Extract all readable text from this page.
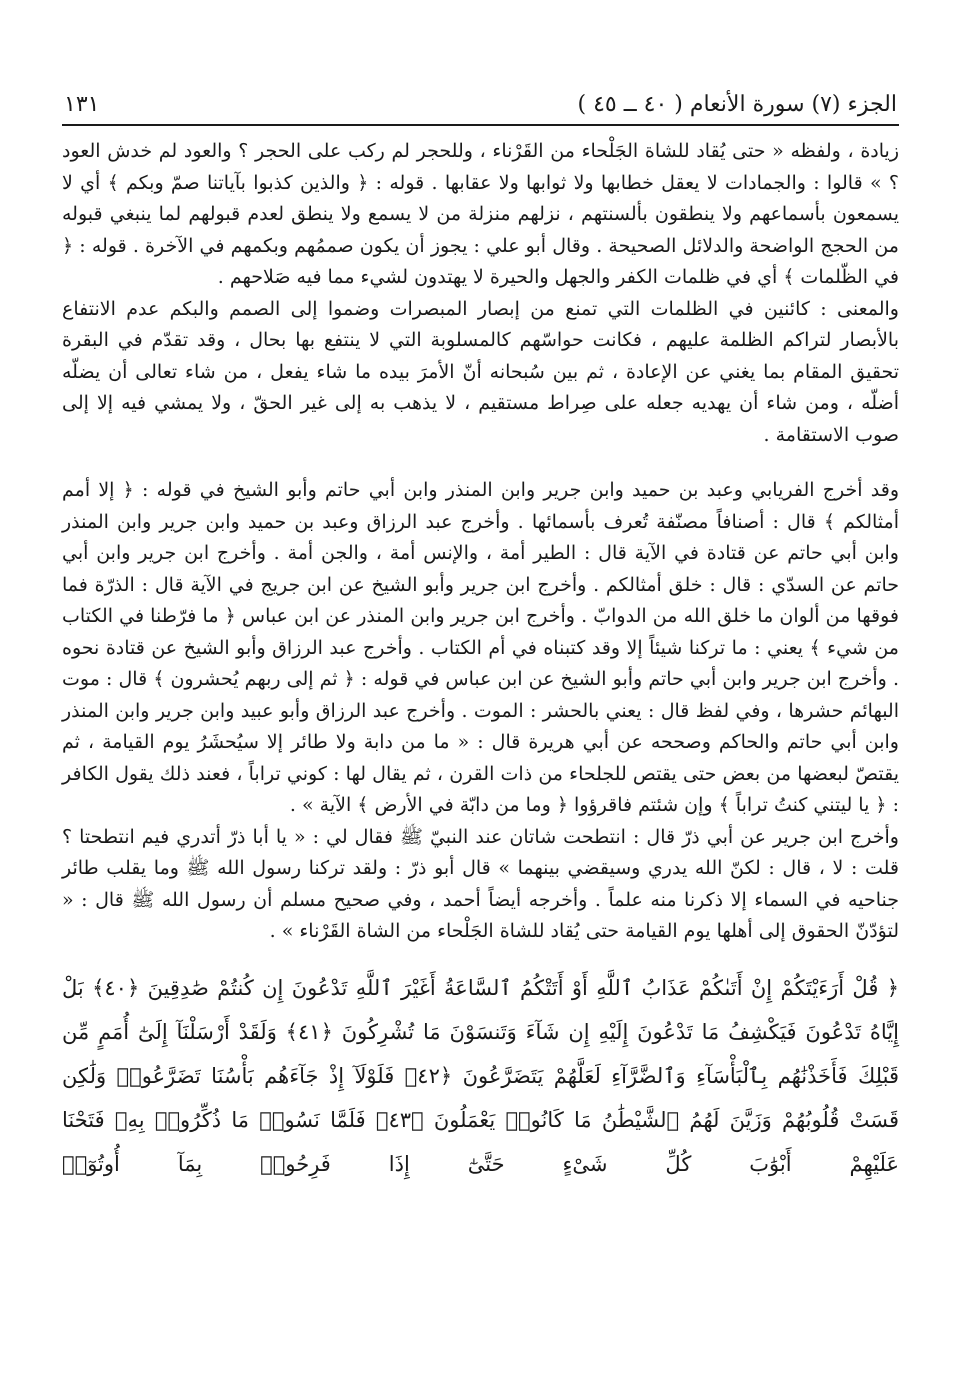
الجزء (٧) سورة الأنعام ( ٤٠ ــ ٤٥ )
١٣١

زيادة ، ولفظه « حتى يُقاد للشاة الجَلْحاء من القَرْناء ، وللحجر لم ركب على الحجر ؟ والعود لم خدش العود ؟ » قالوا : والجمادات لا يعقل خطابها ولا ثوابها ولا عقابها . قوله : ﴿ والذين كذبوا بآياتنا صمّ وبكم ﴾ أي لا يسمعون بأسماعهم ولا ينطقون بألسنتهم ، نزلهم منزلة من لا يسمع ولا ينطق لعدم قبولهم لما ينبغي قبوله من الحجج الواضحة والدلائل الصحيحة . وقال أبو علي : يجوز أن يكون صممُهم وبكمهم في الآخرة . قوله : ﴿ في الظّلمات ﴾ أي في ظلمات الكفر والجهل والحيرة لا يهتدون لشيء مما فيه صَلاحهم .

والمعنى : كائنين في الظلمات التي تمنع من إبصار المبصرات وضموا إلى الصمم والبكم عدم الانتفاع بالأبصار لتراكم الظلمة عليهم ، فكانت حواسّهم كالمسلوبة التي لا ينتفع بها بحال ، وقد تقدّم في البقرة تحقيق المقام بما يغني عن الإعادة ، ثم بين سُبحانه أنّ الأمرَ بيده ما شاء يفعل ، من شاء تعالى أن يضلّه أضلّه ، ومن شاء أن يهديه جعله على صِراط مستقيم ، لا يذهب به إلى غير الحقّ ، ولا يمشي فيه إلا إلى صوب الاستقامة .

وقد أخرج الفريابي وعبد بن حميد وابن جرير وابن المنذر وابن أبي حاتم وأبو الشيخ في قوله : ﴿ إلا أمم أمثالكم ﴾ قال : أصنافاً مصنّفة تُعرف بأسمائها . وأخرج عبد الرزاق وعبد بن حميد وابن جرير وابن المنذر وابن أبي حاتم عن قتادة في الآية قال : الطير أمة ، والإنس أمة ، والجن أمة . وأخرج ابن جرير وابن أبي حاتم عن السدّي : قال : خلق أمثالكم . وأخرج ابن جرير وأبو الشيخ عن ابن جريج في الآية قال : الذرّة فما فوقها من ألوان ما خلق الله من الدوابّ . وأخرج ابن جرير وابن المنذر عن ابن عباس ﴿ ما فرّطنا في الكتاب من شيء ﴾ يعني : ما تركنا شيئاً إلا وقد كتبناه في أم الكتاب . وأخرج عبد الرزاق وأبو الشيخ عن قتادة نحوه . وأخرج ابن جرير وابن أبي حاتم وأبو الشيخ عن ابن عباس في قوله : ﴿ ثم إلى ربهم يُحشرون ﴾ قال : موت البهائم حشرها ، وفي لفظ قال : يعني بالحشر : الموت . وأخرج عبد الرزاق وأبو عبيد وابن جرير وابن المنذر وابن أبي حاتم والحاكم وصححه عن أبي هريرة قال : « ما من دابة ولا طائر إلا سيُحشَرُ يوم القيامة ، ثم يقتصّ لبعضها من بعض حتى يقتص للجلحاء من ذات القرن ، ثم يقال لها : كوني تراباً ، فعند ذلك يقول الكافر : ﴿ يا ليتني كنتُ تراباً ﴾ وإن شئتم فاقرؤوا ﴿ وما من دابّة في الأرض ﴾ الآية » .

وأخرج ابن جرير عن أبي ذرّ قال : انتطحت شاتان عند النبيّ ﷺ فقال لي : « يا أبا ذرّ أتدري فيم انتطحتا ؟ قلت : لا ، قال : لكنّ الله يدري وسيقضي بينهما » قال أبو ذرّ : ولقد تركنا رسول الله ﷺ وما يقلب طائر جناحيه في السماء إلا ذكرنا منه علماً . وأخرجه أيضاً أحمد ، وفي صحيح مسلم أن رسول الله ﷺ قال : « لتؤدّنّ الحقوق إلى أهلها يوم القيامة حتى يُقاد للشاة الجَلْحاء من الشاة القَرْناء » .

﴿ قُلْ أَرَءَيْتَكُمْ إِنْ أَتَىٰكُمْ عَذَابُ ٱللَّهِ أَوْ أَتَتْكُمُ ٱلسَّاعَةُ أَغَيْرَ ٱللَّهِ تَدْعُونَ إِن كُنتُمْ صَٰدِقِينَ ﴿٤٠﴾ بَلْ إِيَّاهُ تَدْعُونَ فَيَكْشِفُ مَا تَدْعُونَ إِلَيْهِ إِن شَآءَ وَتَنسَوْنَ مَا تُشْرِكُونَ ﴿٤١﴾ وَلَقَدْ أَرْسَلْنَآ إِلَىٰٓ أُمَمٍ مِّن قَبْلِكَ فَأَخَذْنَٰهُم بِٱلْبَأْسَآءِ وَٱلضَّرَّآءِ لَعَلَّهُمْ يَتَضَرَّعُونَ ﴿٤٢﴾ فَلَوْلَآ إِذْ جَآءَهُم بَأْسُنَا تَضَرَّعُوا۟ وَلَٰكِن قَسَتْ قُلُوبُهُمْ وَزَيَّنَ لَهُمُ ٱلشَّيْطَٰنُ مَا كَانُوا۟ يَعْمَلُونَ ﴿٤٣﴾ فَلَمَّا نَسُوا۟ مَا ذُكِّرُوا۟ بِهِۦ فَتَحْنَا عَلَيْهِمْ أَبْوَٰبَ كُلِّ شَىْءٍ حَتَّىٰٓ إِذَا فَرِحُوا۟ بِمَآ أُوتُوٓا۟
